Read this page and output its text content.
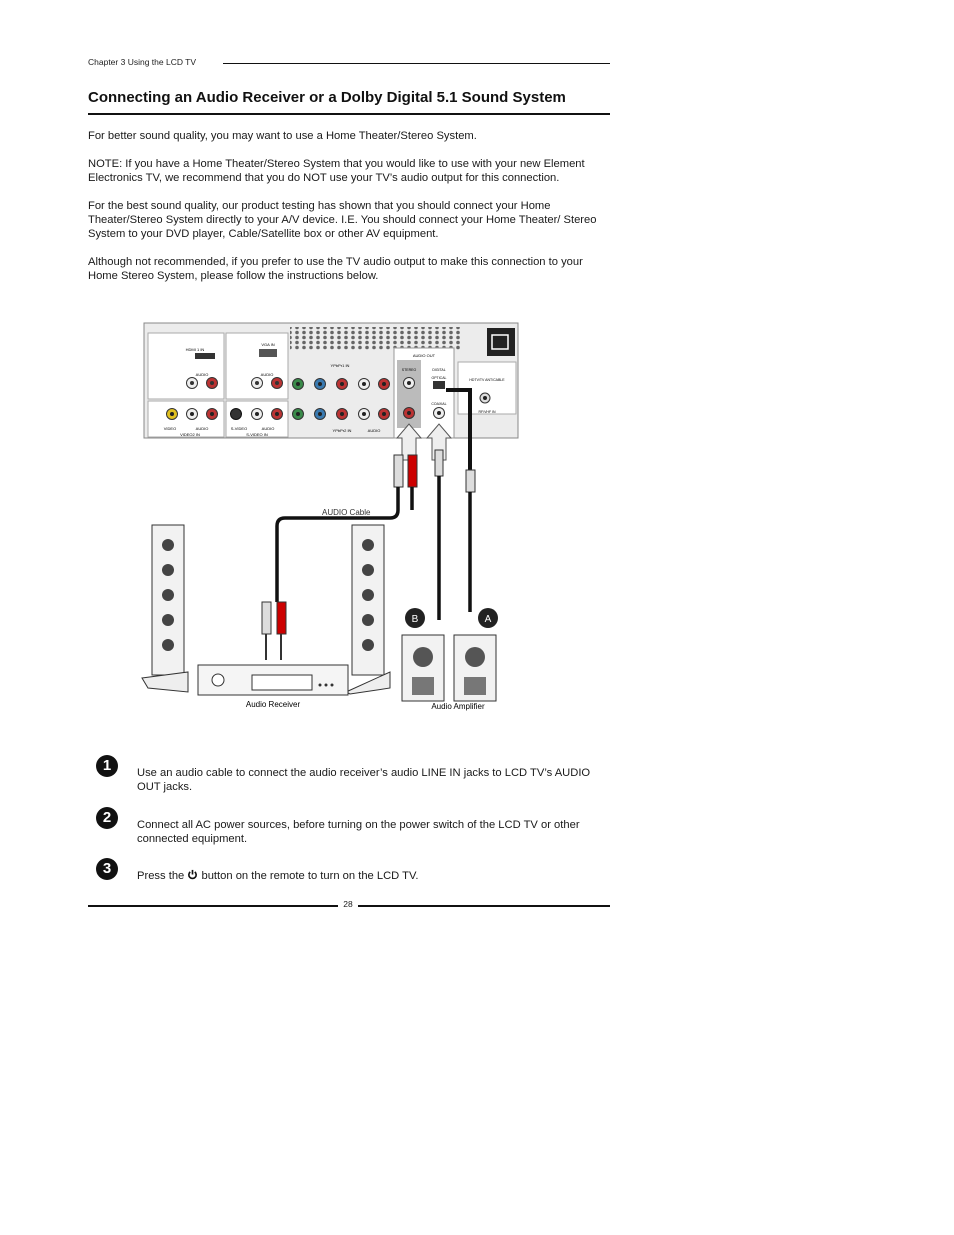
Chapter 3 Using the LCD TV
Connecting an Audio Receiver or a Dolby Digital 5.1 Sound System

For better sound quality, you may want to use a Home Theater/Stereo System.

NOTE: If you have a Home Theater/Stereo System that you would like to use with your new Element Electronics TV, we recommend that you do NOT use your TV’s audio output for this connection.

For the best sound quality, our product testing has shown that you should connect your Home Theater/Stereo System directly to your A/V device. I.E. You should connect your Home Theater/ Stereo System to your DVD player, Cable/Satellite box or other AV equipment.

Although not recommended, if you prefer to use the TV audio output to make this connection to your Home Stereo System, please follow the instructions below.

HDMI 1 IN
AUDIO
VGA IN
AUDIO
YPbPr1 IN
AUDIO OUT
STEREO	DIGITAL
OPTICAL
COAXIAL
HDTV/TV ANT/CABLE
RF/VHF IN
VIDEO	AUDIO
VIDEO2 IN
S-VIDEO	AUDIO
S-VIDEO IN
YPbPr2 IN	AUDIO
AUDIO Cable
Audio Receiver
B	A
Audio Amplifier
1	Use an audio cable to connect the audio receiver’s audio LINE IN jacks to LCD TV’s AUDIO OUT jacks.

2	Connect all AC power sources, before turning on the power switch of the LCD TV or other connected equipment.

3	Press the button on the remote to turn on the LCD TV.

28
